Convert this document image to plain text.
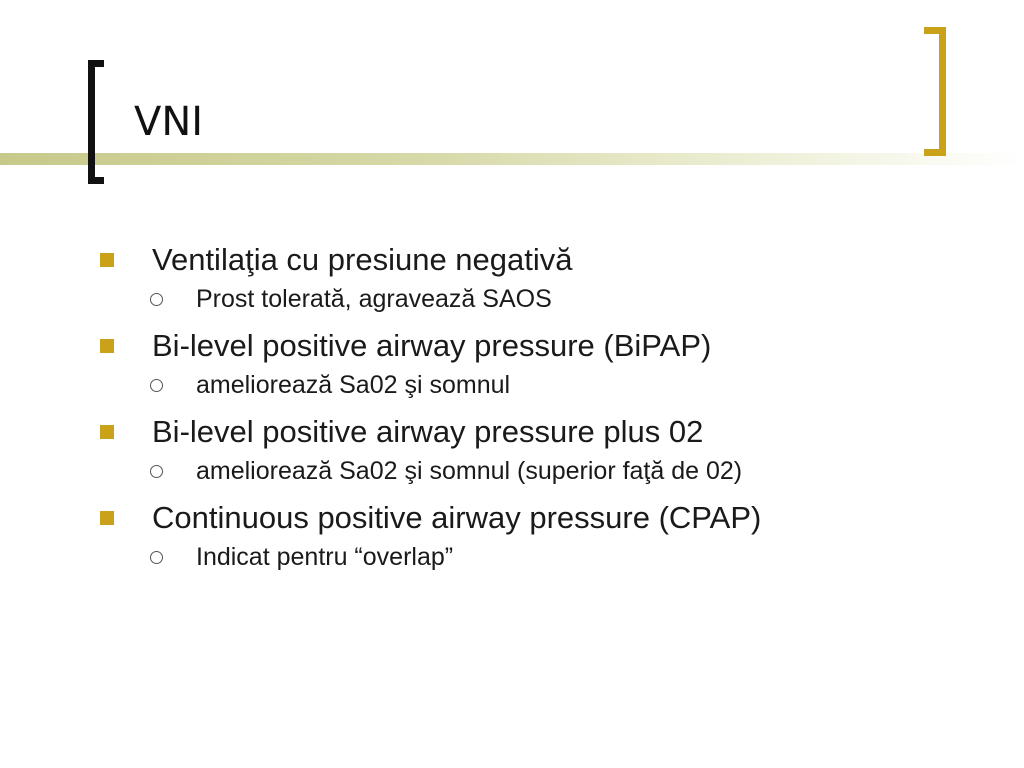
VNI
Ventilaţia cu presiune negativă
Prost tolerată, agravează SAOS
Bi-level positive airway pressure (BiPAP)
ameliorează Sa02 şi somnul
Bi-level positive airway pressure plus 02
ameliorează Sa02 şi somnul (superior faţă de 02)
Continuous positive airway pressure (CPAP)
Indicat pentru “overlap”
